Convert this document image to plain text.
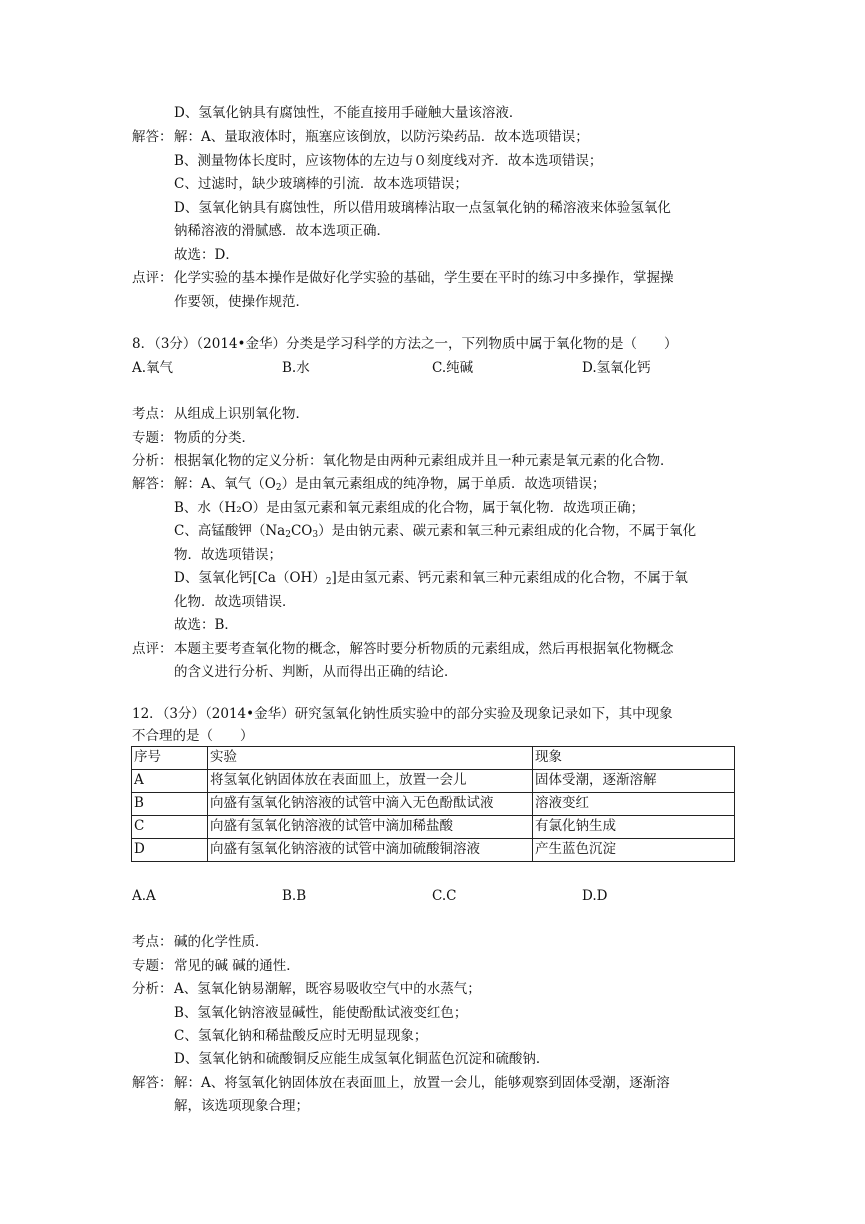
D、氢氧化钠具有腐蚀性，不能直接用手碰触大量该溶液．
解答： 解：A、量取液体时，瓶塞应该倒放，以防污染药品．故本选项错误；
B、测量物体长度时，应该物体的左边与０刻度线对齐．故本选项错误；
C、过滤时，缺少玻璃棒的引流．故本选项错误；
D、氢氧化钠具有腐蚀性，所以借用玻璃棒沾取一点氢氧化钠的稀溶液来体验氢氧化
钠稀溶液的滑腻感．故本选项正确．
故选：D．
点评： 化学实验的基本操作是做好化学实验的基础，学生要在平时的练习中多操作，掌握操
作要领，使操作规范．
8．（3分）（2014•金华）分类是学习科学的方法之一，下列物质中属于氧化物的是（　　）
A.氧气	B.水	C.纯碱	D.氢氧化钙
考点： 从组成上识别氧化物．
专题： 物质的分类．
分析： 根据氧化物的定义分析：氧化物是由两种元素组成并且一种元素是氧元素的化合物．
解答： 解：A、氧气$(O_2)$是由氧元素组成的纯净物，属于单质．故选项错误；
B、水（H₂O）是由氢元素和氧元素组成的化合物，属于氧化物．故选项正确；
C、高锰酸钾$(Na_2CO_3)$是由钠元素、碳元素和氧三种元素组成的化合物，不属于氧化
物．故选项错误；
D、氢氧化钙$[Ca(OH)_2]$是由氢元素、钙元素和氧三种元素组成的化合物，不属于氧
化物．故选项错误．
故选：B．
点评： 本题主要考查氧化物的概念，解答时要分析物质的元素组成，然后再根据氧化物概念
的含义进行分析、判断，从而得出正确的结论．
12．（3分）（2014•金华）研究氢氧化钠性质实验中的部分实验及现象记录如下，其中现象
不合理的是（　　）
序号	实验	现象
A	将氢氧化钠固体放在表面皿上，放置一会儿	固体受潮，逐渐溶解
B	向盛有氢氧化钠溶液的试管中滴入无色酚酞试液	溶液变红
C	向盛有氢氧化钠溶液的试管中滴加稀盐酸	有氯化钠生成
D	向盛有氢氧化钠溶液的试管中滴加硫酸铜溶液	产生蓝色沉淀
A.A	B.B	C.C	D.D
考点： 碱的化学性质．
专题： 常见的碱 碱的通性．
分析： A、氢氧化钠易潮解，既容易吸收空气中的水蒸气；
B、氢氧化钠溶液显碱性，能使酚酞试液变红色；
C、氢氧化钠和稀盐酸反应时无明显现象；
D、氢氧化钠和硫酸铜反应能生成氢氧化铜蓝色沉淀和硫酸钠．
解答： 解：A、将氢氧化钠固体放在表面皿上，放置一会儿，能够观察到固体受潮，逐渐溶
解，该选项现象合理；
